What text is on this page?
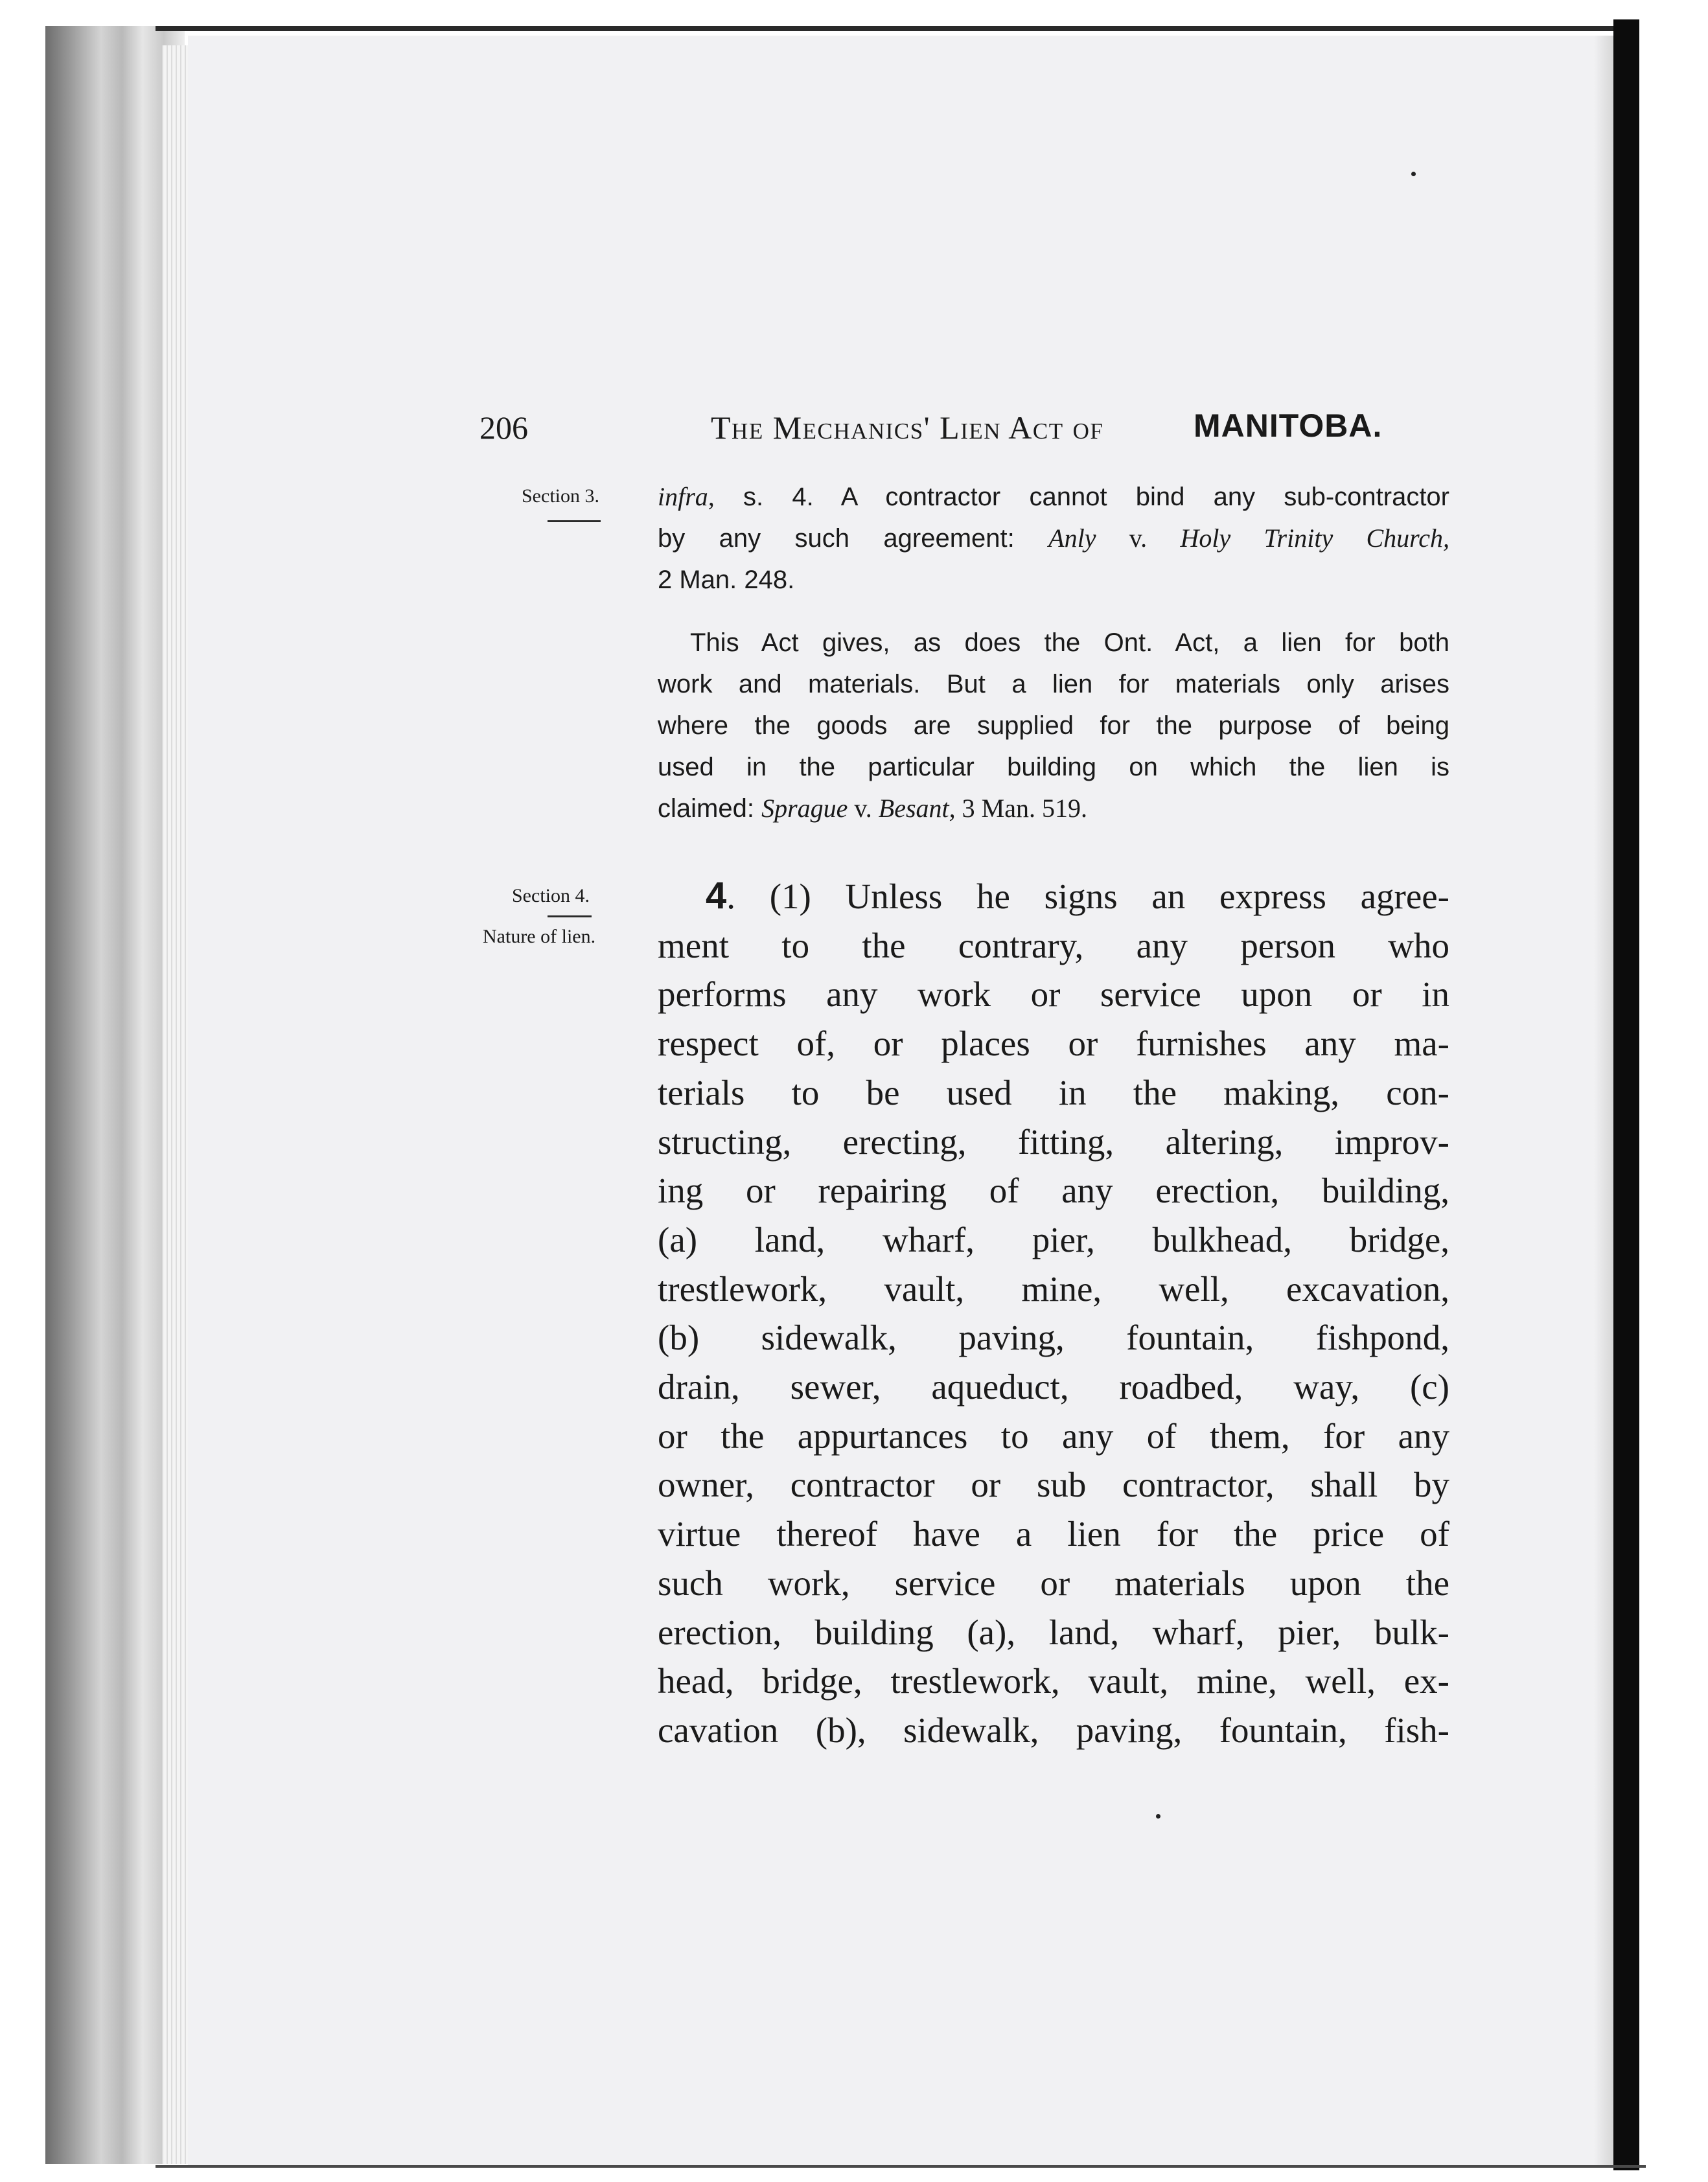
206	The Mechanics' Lien Act of	MANITOBA.
Section 3.
Section 4.
Nature of lien.
infra, s. 4. A contractor cannot bind any sub-contractor
by any such agreement: Anly v. Holy Trinity Church,
2 Man. 248.
This Act gives, as does the Ont. Act, a lien for both
work and materials. But a lien for materials only arises
where the goods are supplied for the purpose of being
used in the particular building on which the lien is
claimed: Sprague v. Besant, 3 Man. 519.
4. (1) Unless he signs an express agree-
ment to the contrary, any person who
performs any work or service upon or in
respect of, or places or furnishes any ma-
terials to be used in the making, con-
structing, erecting, fitting, altering, improv-
ing or repairing of any erection, building,
(a) land, wharf, pier, bulkhead, bridge,
trestlework, vault, mine, well, excavation,
(b) sidewalk, paving, fountain, fishpond,
drain, sewer, aqueduct, roadbed, way, (c)
or the appurtances to any of them, for any
owner, contractor or sub contractor, shall by
virtue thereof have a lien for the price of
such work, service or materials upon the
erection, building (a), land, wharf, pier, bulk-
head, bridge, trestlework, vault, mine, well, ex-
cavation (b), sidewalk, paving, fountain, fish-
